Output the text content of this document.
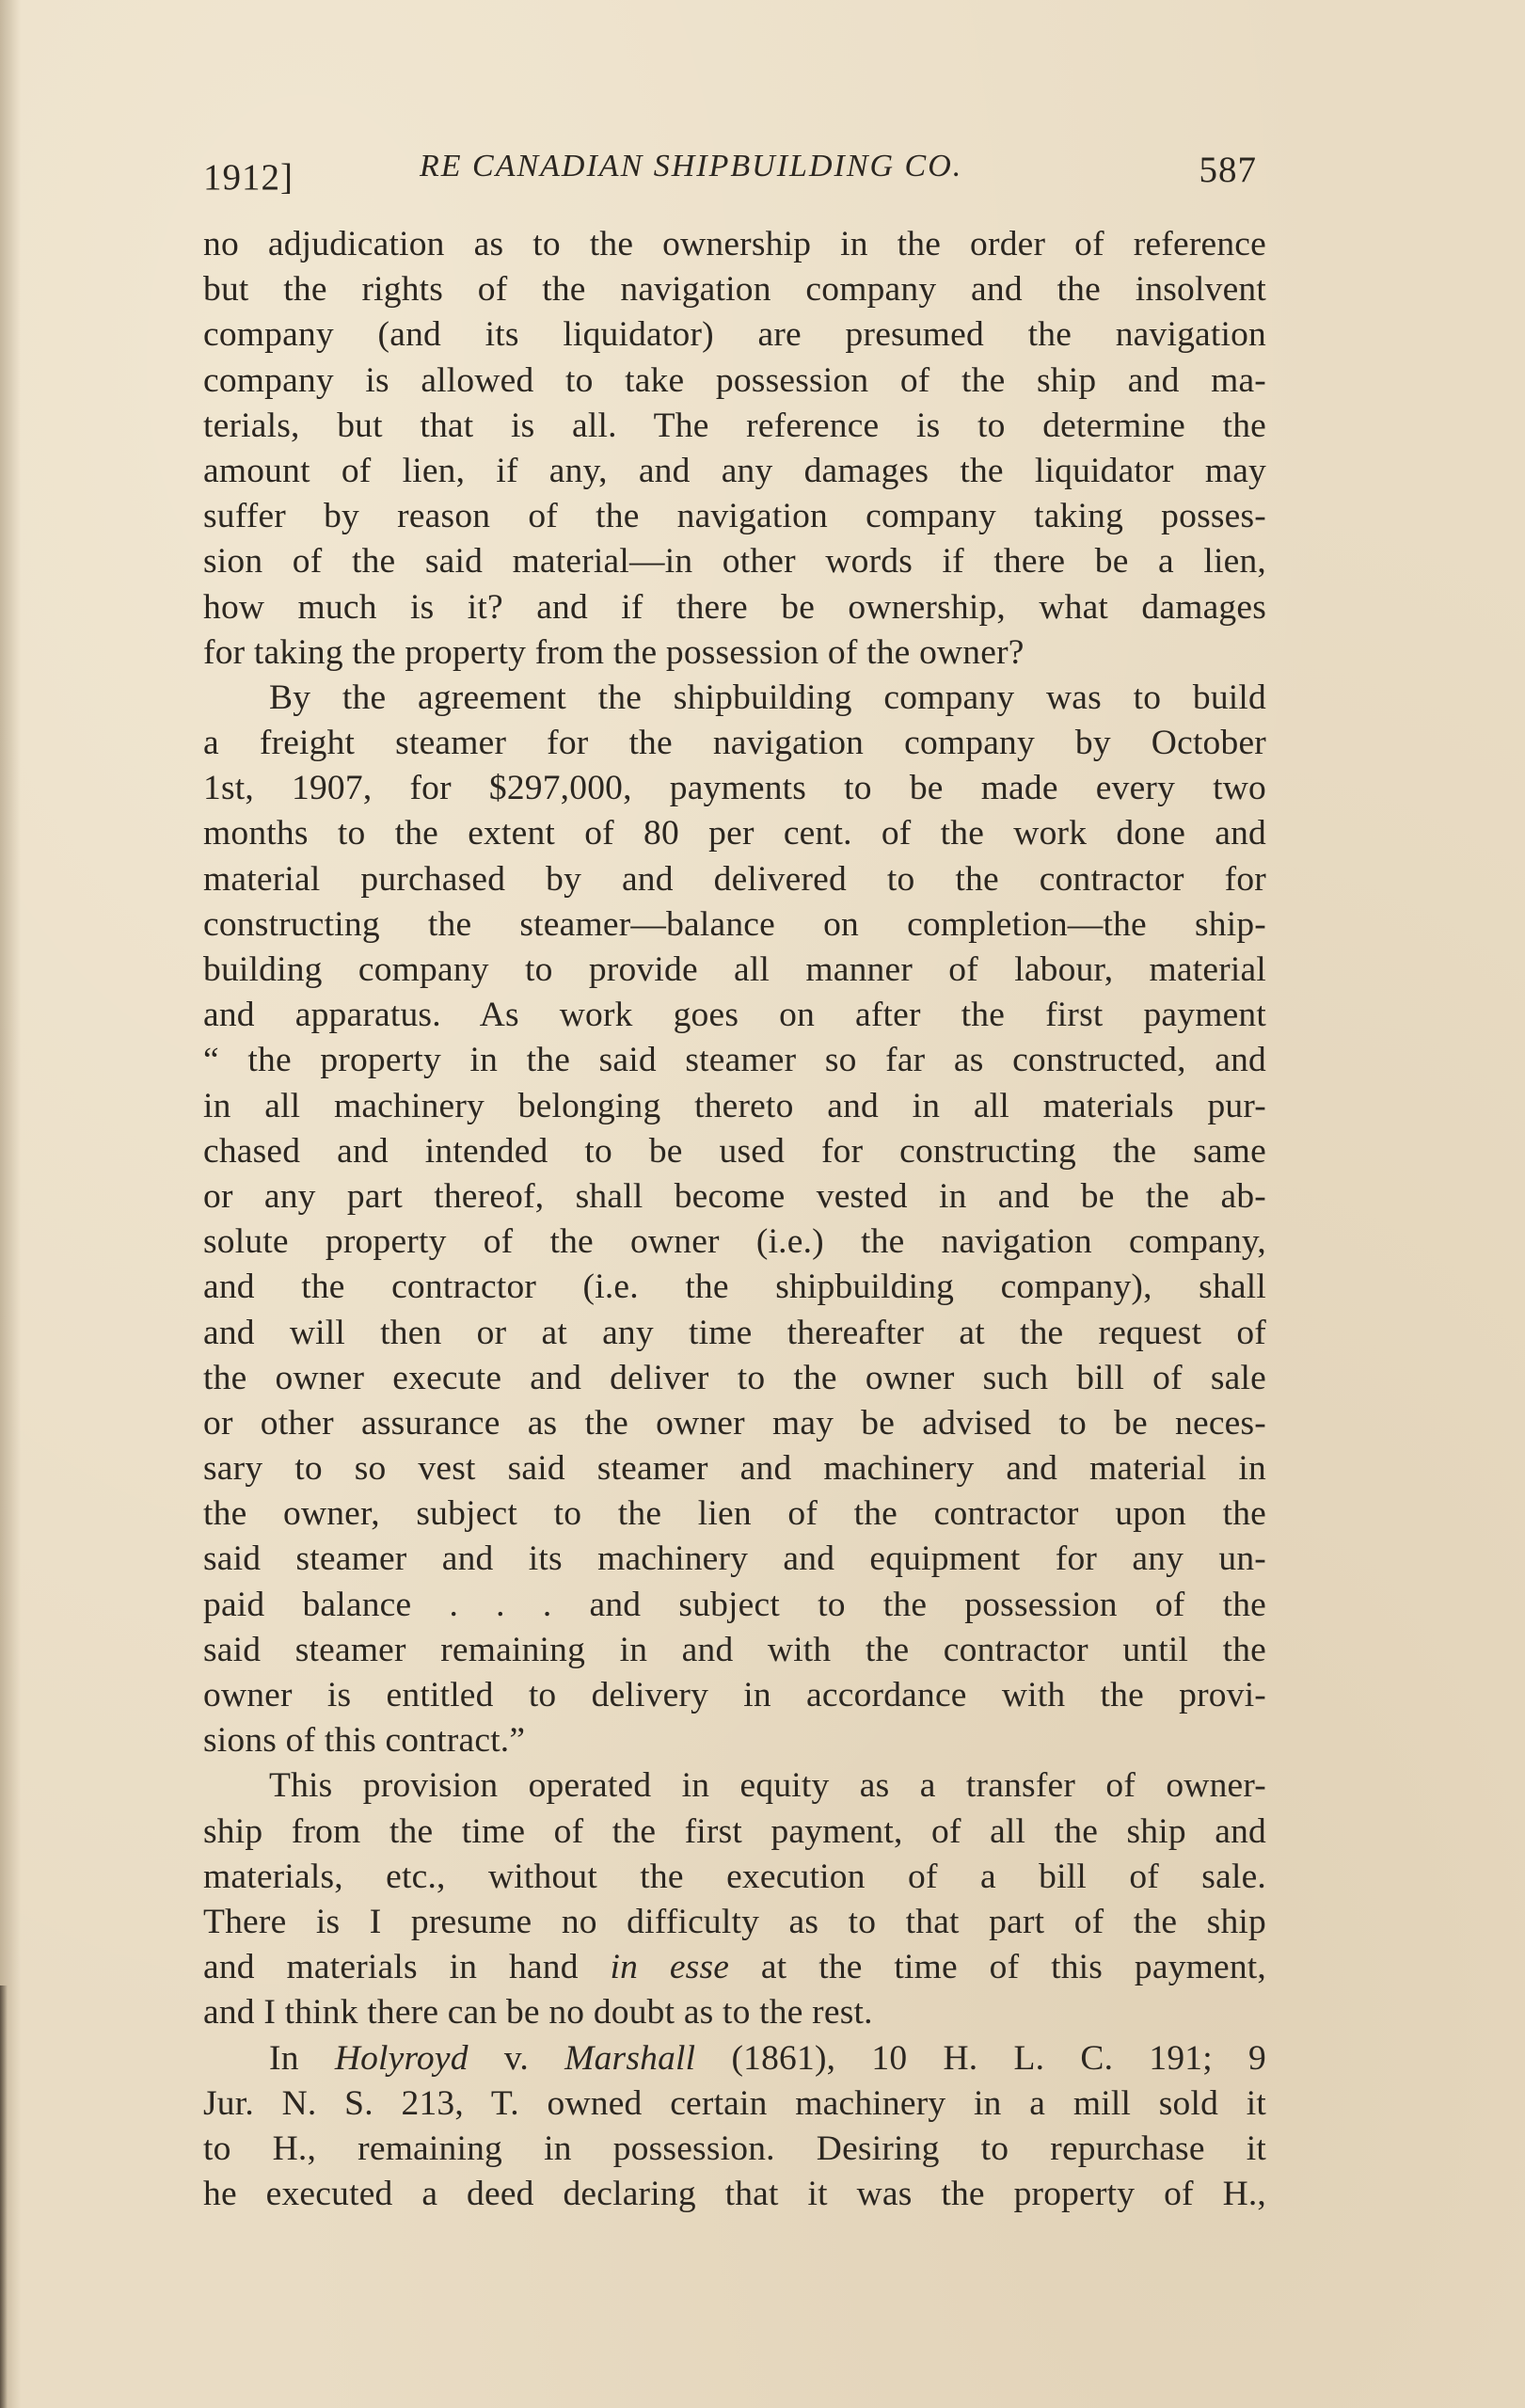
1912]	RE CANADIAN SHIPBUILDING CO.	587
no adjudication as to the ownership in the order of reference
but the rights of the navigation company and the insolvent
company (and its liquidator) are presumed the navigation
company is allowed to take possession of the ship and ma-
terials, but that is all. The reference is to determine the
amount of lien, if any, and any damages the liquidator may
suffer by reason of the navigation company taking posses-
sion of the said material—in other words if there be a lien,
how much is it? and if there be ownership, what damages
for taking the property from the possession of the owner?
By the agreement the shipbuilding company was to build
a freight steamer for the navigation company by October
1st, 1907, for $297,000, payments to be made every two
months to the extent of 80 per cent. of the work done and
material purchased by and delivered to the contractor for
constructing the steamer—balance on completion—the ship-
building company to provide all manner of labour, material
and apparatus. As work goes on after the first payment
“ the property in the said steamer so far as constructed, and
in all machinery belonging thereto and in all materials pur-
chased and intended to be used for constructing the same
or any part thereof, shall become vested in and be the ab-
solute property of the owner (i.e.) the navigation company,
and the contractor (i.e. the shipbuilding company), shall
and will then or at any time thereafter at the request of
the owner execute and deliver to the owner such bill of sale
or other assurance as the owner may be advised to be neces-
sary to so vest said steamer and machinery and material in
the owner, subject to the lien of the contractor upon the
said steamer and its machinery and equipment for any un-
paid balance . . . and subject to the possession of the
said steamer remaining in and with the contractor until the
owner is entitled to delivery in accordance with the provi-
sions of this contract.”
This provision operated in equity as a transfer of owner-
ship from the time of the first payment, of all the ship and
materials, etc., without the execution of a bill of sale.
There is I presume no difficulty as to that part of the ship
and materials in hand in esse at the time of this payment,
and I think there can be no doubt as to the rest.
In Holyroyd v. Marshall (1861), 10 H. L. C. 191; 9
Jur. N. S. 213, T. owned certain machinery in a mill sold it
to H., remaining in possession. Desiring to repurchase it
he executed a deed declaring that it was the property of H.,
